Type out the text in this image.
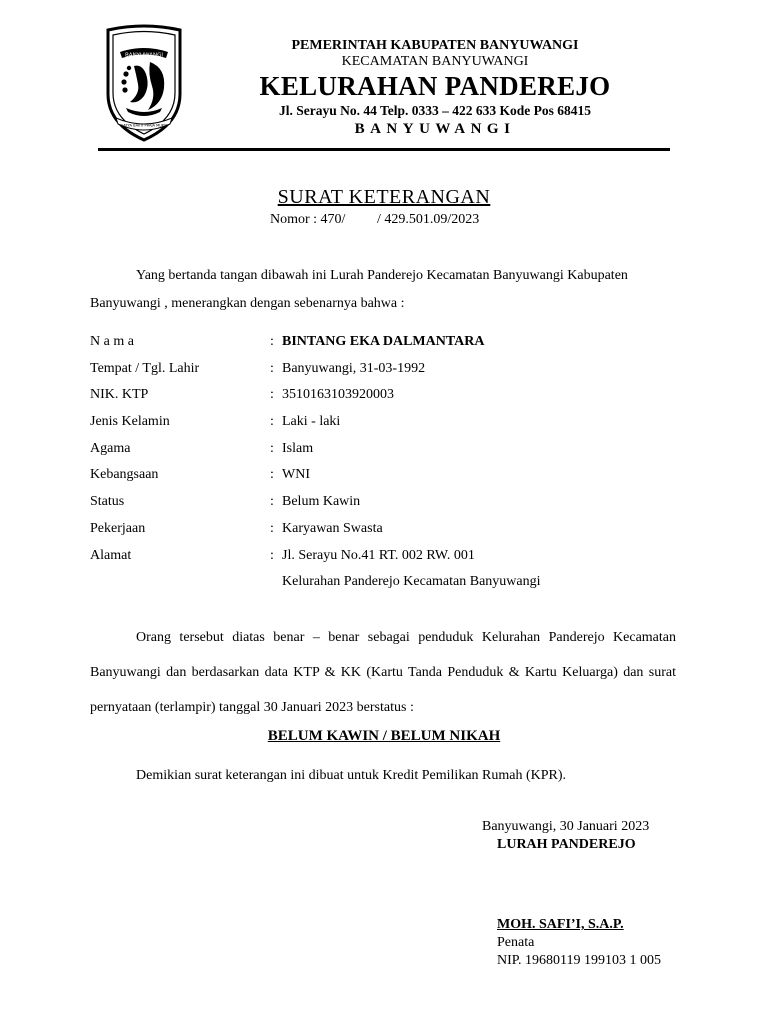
BANYUWANGI
SATYA BAKTI PRAJA MUKTI
PEMERINTAH KABUPATEN BANYUWANGI
KECAMATAN BANYUWANGI
KELURAHAN PANDEREJO
Jl. Serayu No. 44 Telp. 0333 – 422 633 Kode Pos 68415
BANYUWANGI
SURAT KETERANGAN
Nomor : 470/         / 429.501.09/2023
Yang bertanda tangan dibawah ini Lurah Panderejo Kecamatan Banyuwangi Kabupaten Banyuwangi , menerangkan dengan sebenarnya bahwa :
N a m a	:	BINTANG EKA DALMANTARA
Tempat / Tgl. Lahir	:	Banyuwangi, 31-03-1992
NIK. KTP	:	3510163103920003
Jenis Kelamin	:	Laki - laki
Agama	:	Islam
Kebangsaan	:	WNI
Status	:	Belum Kawin
Pekerjaan	:	Karyawan Swasta
Alamat	:	Jl. Serayu No.41 RT. 002 RW. 001
		Kelurahan Panderejo Kecamatan Banyuwangi
Orang tersebut diatas benar – benar sebagai penduduk Kelurahan Panderejo Kecamatan Banyuwangi dan berdasarkan data KTP & KK (Kartu Tanda Penduduk & Kartu Keluarga) dan surat pernyataan (terlampir) tanggal 30 Januari 2023 berstatus :
BELUM KAWIN / BELUM NIKAH
Demikian surat keterangan ini dibuat untuk Kredit Pemilikan Rumah (KPR).
Banyuwangi, 30 Januari 2023
LURAH PANDEREJO
MOH. SAFI’I, S.A.P.
Penata
NIP. 19680119 199103 1 005
